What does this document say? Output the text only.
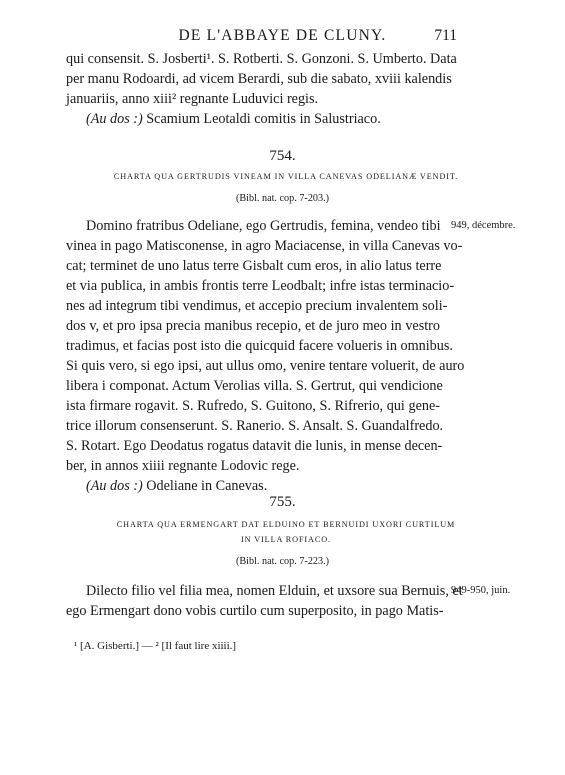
DE L'ABBAYE DE CLUNY.	711
qui consensit. S. Josberti¹. S. Rotberti. S. Gonzoni. S. Umberto. Data
per manu Rodoardi, ad vicem Berardi, sub die sabato, xviii kalendis
januariis, anno xiii² regnante Luduvici regis.
(Au dos :) Scamium Leotaldi comitis in Salustriaco.
754.
CHARTA QUA GERTRUDIS VINEAM IN VILLA CANEVAS ODELIANÆ VENDIT.
(Bibl. nat. cop. 7-203.)
949, décembre.
Domino fratribus Odeliane, ego Gertrudis, femina, vendeo tibi
vinea in pago Matisconense, in agro Maciacense, in villa Canevas vo-
cat; terminet de uno latus terre Gisbalt cum eros, in alio latus terre
et via publica, in ambis frontis terre Leodbalt; infre istas terminacio-
nes ad integrum tibi vendimus, et accepio precium invalentem soli-
dos v, et pro ipsa precia manibus recepio, et de juro meo in vestro
tradimus, et facias post isto die quicquid facere volueris in omnibus.
Si quis vero, si ego ipsi, aut ullus omo, venire tentare voluerit, de auro
libera i componat. Actum Verolias villa. S. Gertrut, qui vendicione
ista firmare rogavit. S. Rufredo, S. Guitono, S. Rifrerio, qui gene-
trice illorum consenserunt. S. Ranerio. S. Ansalt. S. Guandalfredo.
S. Rotart. Ego Deodatus rogatus datavit die lunis, in mense decen-
ber, in annos xiiii regnante Lodovic rege.
(Au dos :) Odeliane in Canevas.
755.
CHARTA QUA ERMENGART DAT ELDUINO ET BERNUIDI UXORI CURTILUM
IN VILLA ROFIACO.
(Bibl. nat. cop. 7-223.)
949-950, juin.
Dilecto filio vel filia mea, nomen Elduin, et uxsore sua Bernuis, et
ego Ermengart dono vobis curtilo cum superposito, in pago Matis-
¹ [A. Gisberti.] — ² [Il faut lire xiiii.]
